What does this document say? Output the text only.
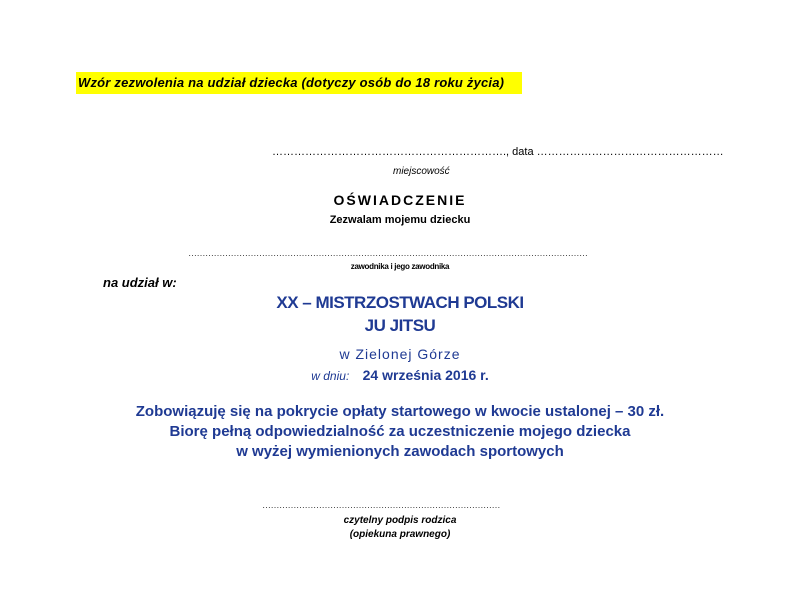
Wzór zezwolenia na udział dziecka (dotyczy osób do 18 roku życia)
………………………………………………………., data ……………………………………………
miejscowość
OŚWIADCZENIE
Zezwalam mojemu dziecku
……………………………………………………………………………………………………………………………
zawodnika i jego zawodnika
na udział w:
XX – MISTRZOSTWACH POLSKI
JU JITSU
w Zielonej Górze
w dniu: 24 września 2016 r.
Zobowiązuję się na pokrycie opłaty startowego w kwocie ustalonej – 30 zł.
Biorę pełną odpowiedzialność za uczestniczenie mojego dziecka
w wyżej wymienionych zawodach sportowych
…………………………………………………………………………
czytelny podpis rodzica
(opiekuna prawnego)
